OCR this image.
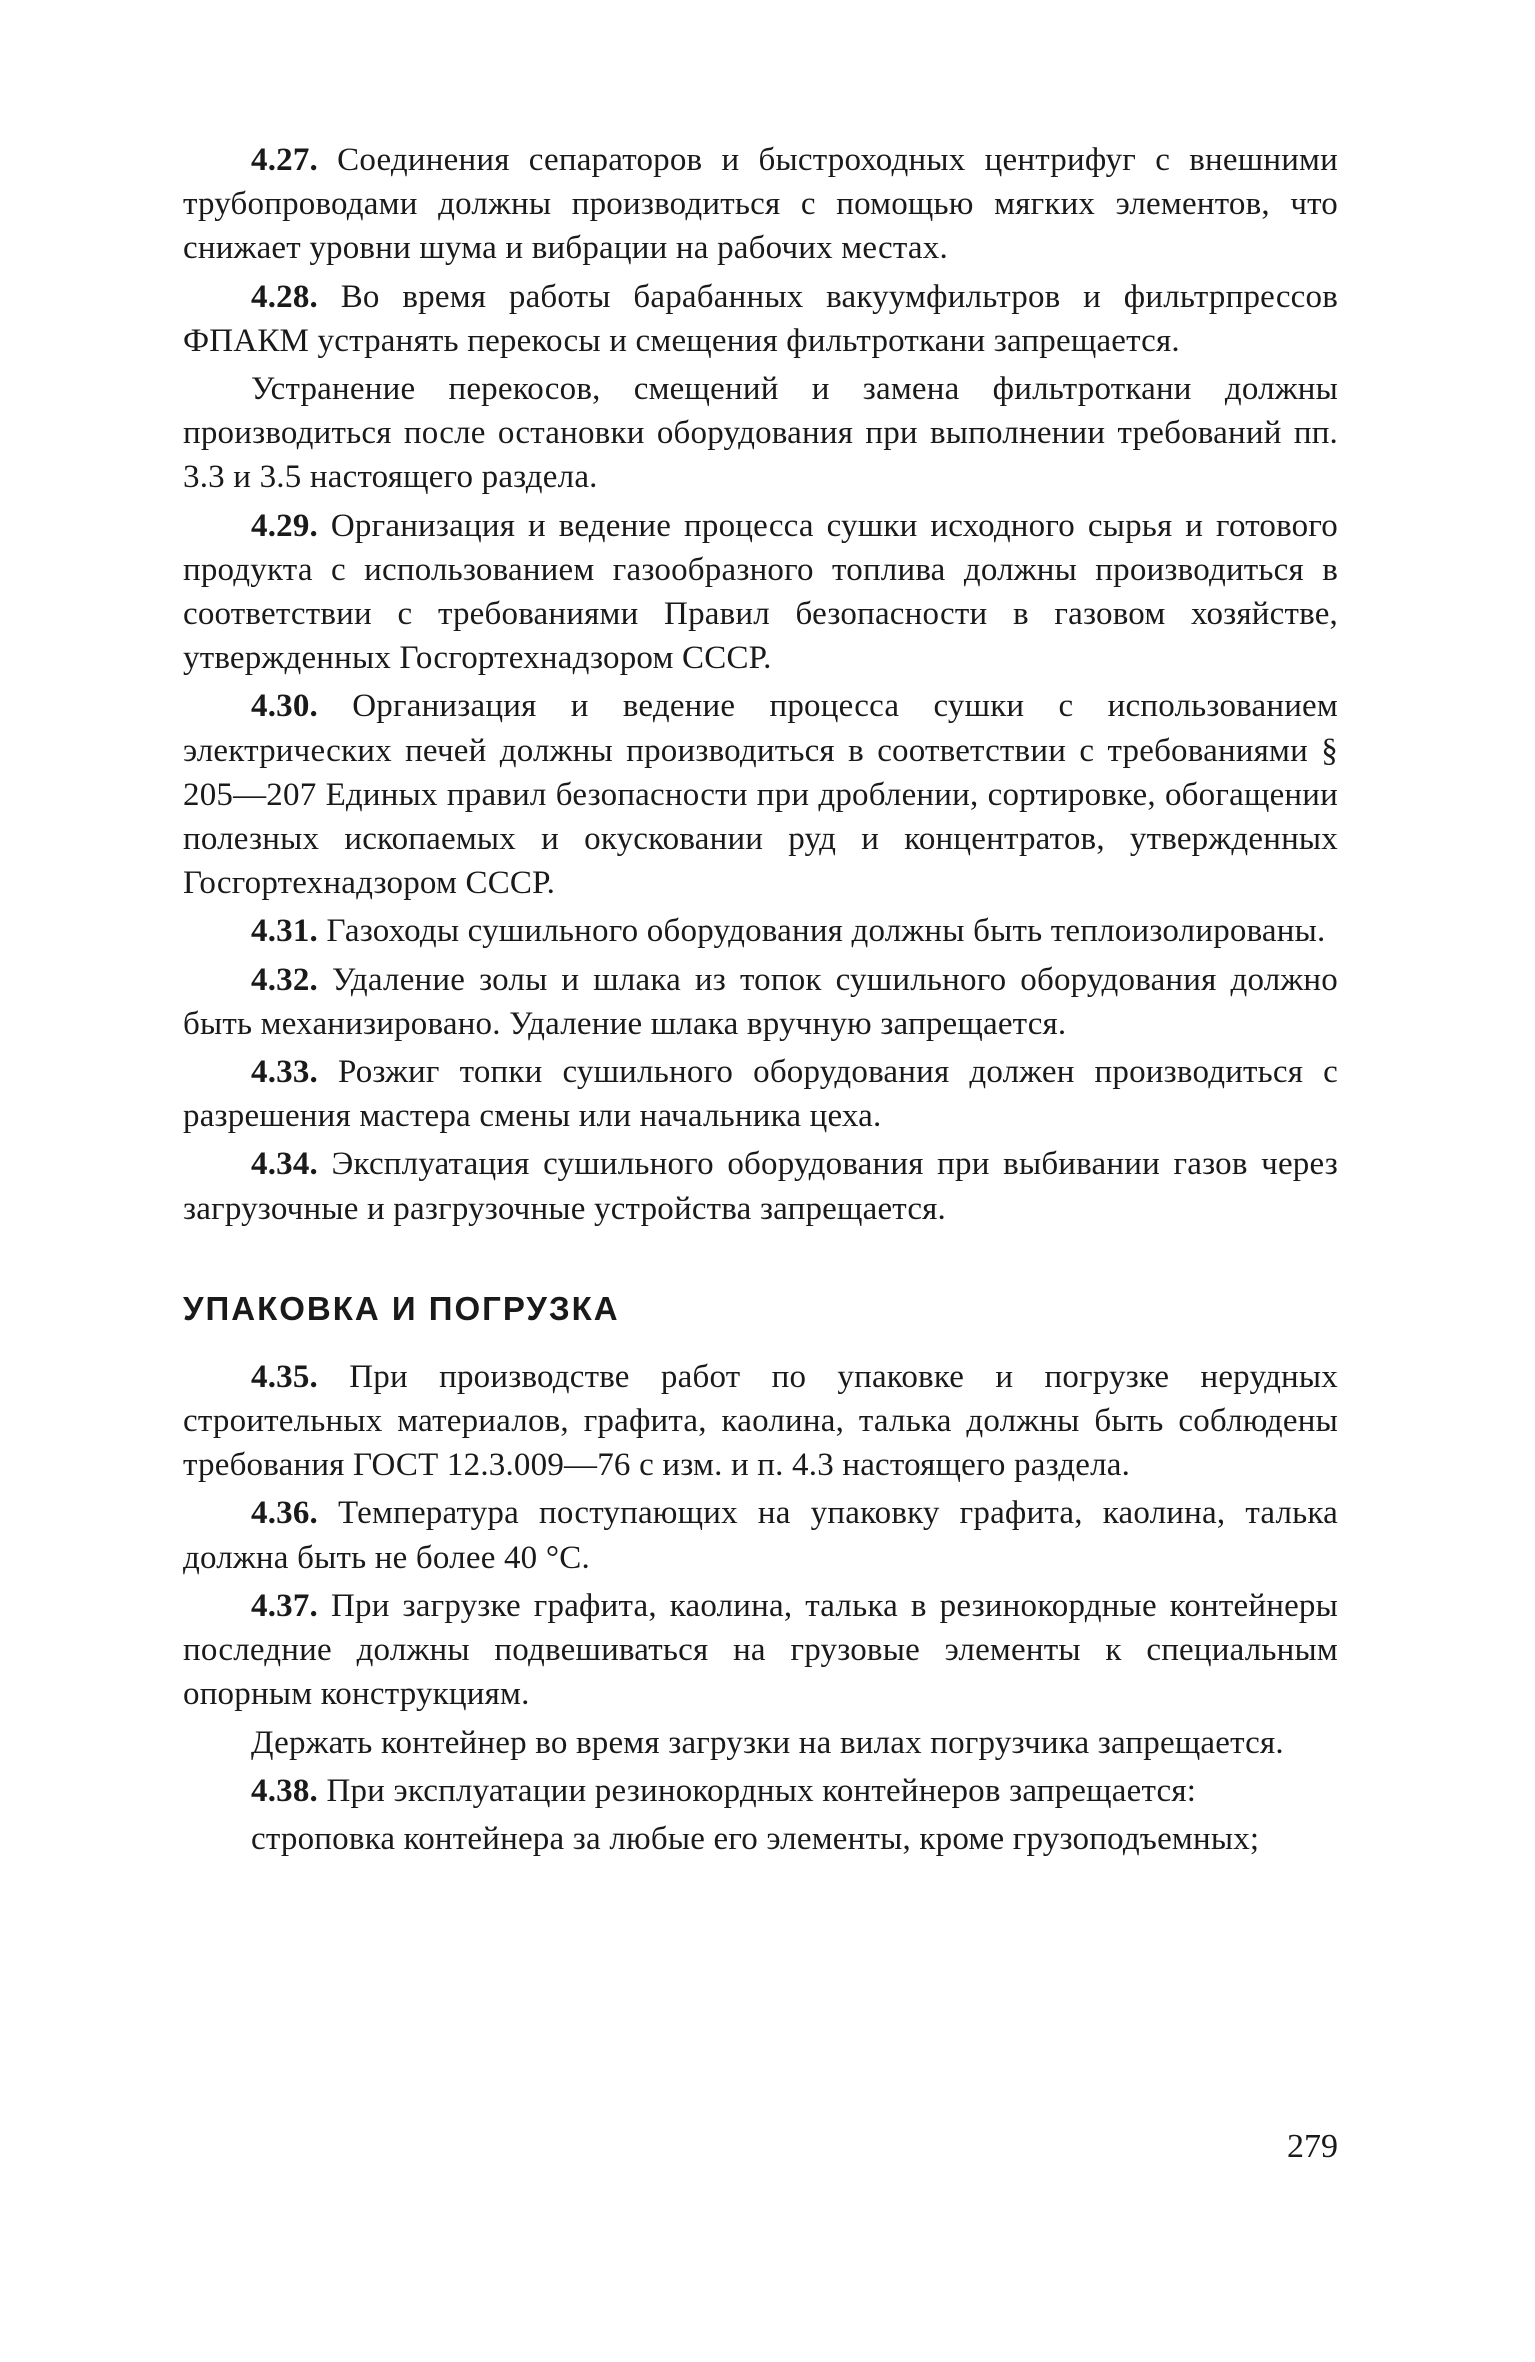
4.27. Соединения сепараторов и быстроходных центрифуг с внешними трубопроводами должны производиться с помощью мягких элементов, что снижает уровни шума и вибрации на рабочих местах.

4.28. Во время работы барабанных вакуумфильтров и фильтрпрессов ФПАКМ устранять перекосы и смещения фильтроткани запрещается.

Устранение перекосов, смещений и замена фильтроткани должны производиться после остановки оборудования при выполнении требований пп. 3.3 и 3.5 настоящего раздела.

4.29. Организация и ведение процесса сушки исходного сырья и готового продукта с использованием газообразного топлива должны производиться в соответствии с требованиями Правил безопасности в газовом хозяйстве, утвержденных Госгортехнадзором СССР.

4.30. Организация и ведение процесса сушки с использованием электрических печей должны производиться в соответствии с требованиями § 205—207 Единых правил безопасности при дроблении, сортировке, обогащении полезных ископаемых и окусковании руд и концентратов, утвержденных Госгортехнадзором СССР.

4.31. Газоходы сушильного оборудования должны быть теплоизолированы.

4.32. Удаление золы и шлака из топок сушильного оборудования должно быть механизировано. Удаление шлака вручную запрещается.

4.33. Розжиг топки сушильного оборудования должен производиться с разрешения мастера смены или начальника цеха.

4.34. Эксплуатация сушильного оборудования при выбивании газов через загрузочные и разгрузочные устройства запрещается.

УПАКОВКА И ПОГРУЗКА

4.35. При производстве работ по упаковке и погрузке нерудных строительных материалов, графита, каолина, талька должны быть соблюдены требования ГОСТ 12.3.009—76 с изм. и п. 4.3 настоящего раздела.

4.36. Температура поступающих на упаковку графита, каолина, талька должна быть не более 40 °С.

4.37. При загрузке графита, каолина, талька в резинокордные контейнеры последние должны подвешиваться на грузовые элементы к специальным опорным конструкциям.

Держать контейнер во время загрузки на вилах погрузчика запрещается.

4.38. При эксплуатации резинокордных контейнеров запрещается:

строповка контейнера за любые его элементы, кроме грузоподъемных;

279
